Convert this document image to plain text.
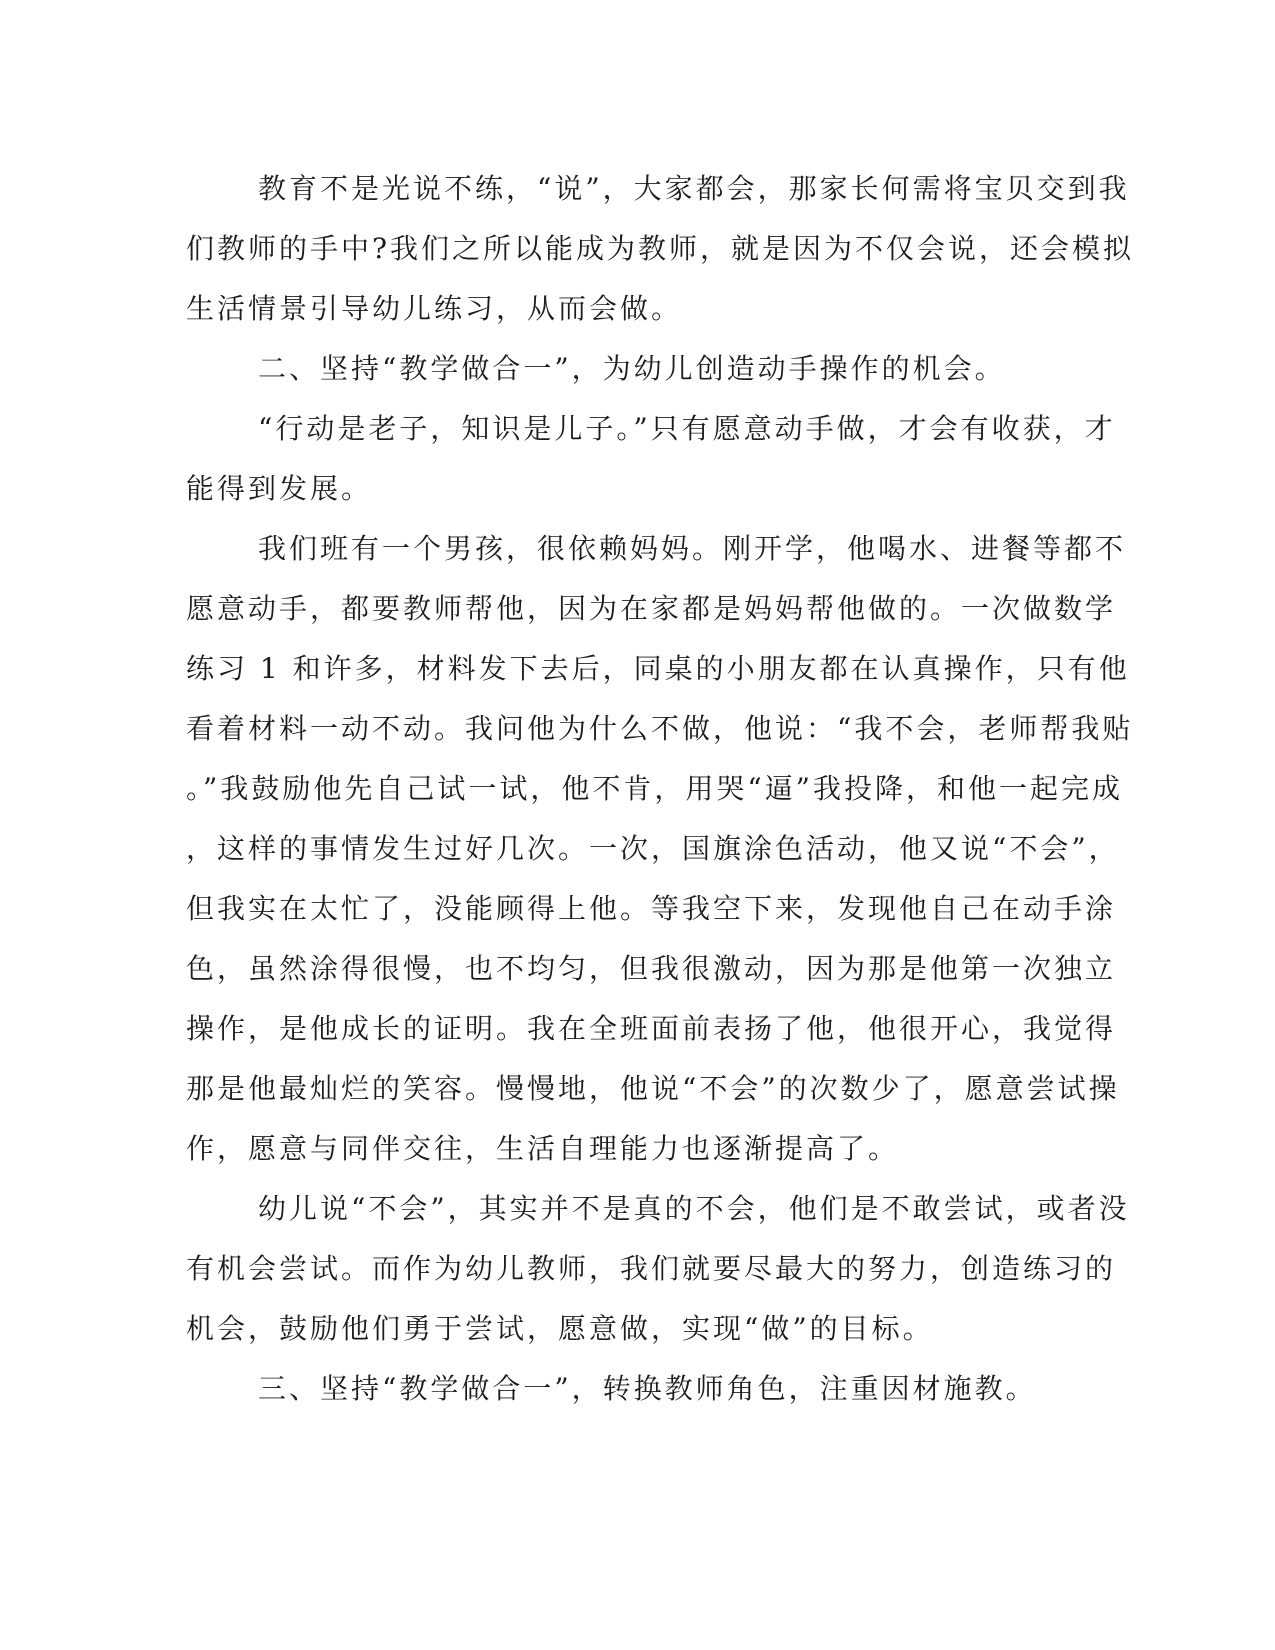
教育不是光说不练，“说”，大家都会，那家长何需将宝贝交到我
们教师的手中?我们之所以能成为教师，就是因为不仅会说，还会模拟
生活情景引导幼儿练习，从而会做。
二、坚持“教学做合一”，为幼儿创造动手操作的机会。
“行动是老子，知识是儿子。”只有愿意动手做，才会有收获，才
能得到发展。
我们班有一个男孩，很依赖妈妈。刚开学，他喝水、进餐等都不
愿意动手，都要教师帮他，因为在家都是妈妈帮他做的。一次做数学
练习 1 和许多，材料发下去后，同桌的小朋友都在认真操作，只有他
看着材料一动不动。我问他为什么不做，他说：“我不会，老师帮我贴
。”我鼓励他先自己试一试，他不肯，用哭“逼”我投降，和他一起完成
，这样的事情发生过好几次。一次，国旗涂色活动，他又说“不会”，
但我实在太忙了，没能顾得上他。等我空下来，发现他自己在动手涂
色，虽然涂得很慢，也不均匀，但我很激动，因为那是他第一次独立
操作，是他成长的证明。我在全班面前表扬了他，他很开心，我觉得
那是他最灿烂的笑容。慢慢地，他说“不会”的次数少了，愿意尝试操
作，愿意与同伴交往，生活自理能力也逐渐提高了。
幼儿说“不会”，其实并不是真的不会，他们是不敢尝试，或者没
有机会尝试。而作为幼儿教师，我们就要尽最大的努力，创造练习的
机会，鼓励他们勇于尝试，愿意做，实现“做”的目标。
三、坚持“教学做合一”，转换教师角色，注重因材施教。
